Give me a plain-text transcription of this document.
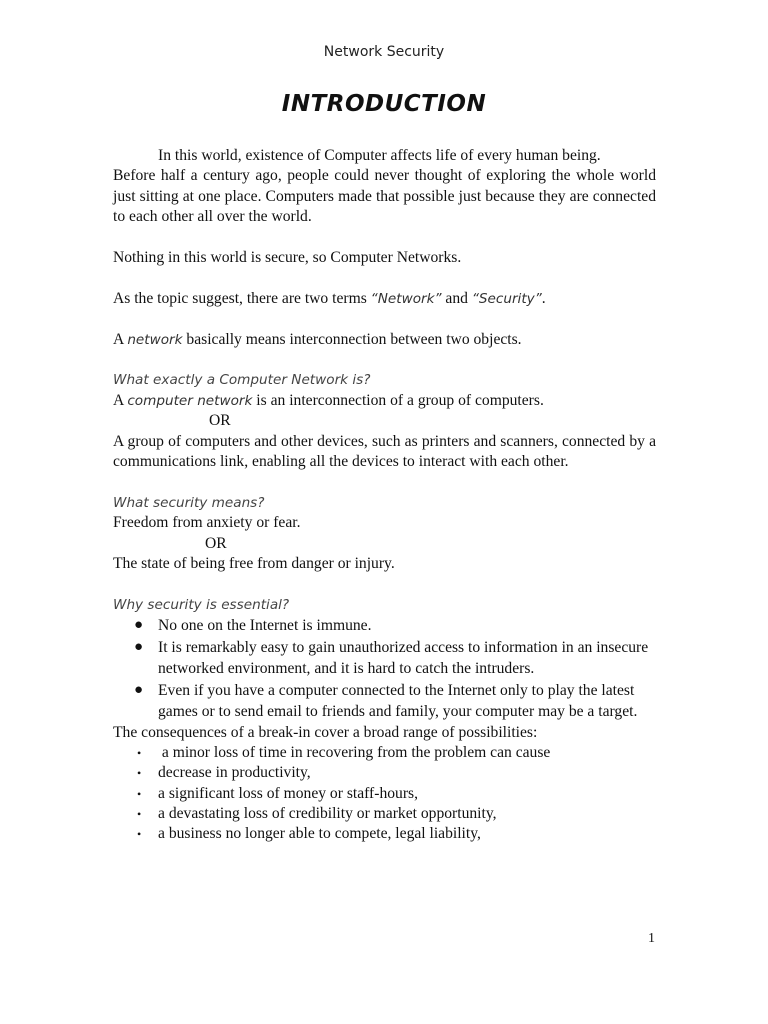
Network Security
INTRODUCTION

In this world, existence of Computer affects life of every human being.

Before half a century ago, people could never thought of exploring the whole world just sitting at one place. Computers made that possible just because they are connected to each other all over the world.

Nothing in this world is secure, so Computer Networks.

As the topic suggest, there are two terms “Network” and “Security”.

A network basically means interconnection between two objects.

What exactly a Computer Network is?

A computer network is an interconnection of a group of computers.

OR

A group of computers and other devices, such as printers and scanners, connected by a communications link, enabling all the devices to interact with each other.

What security means?

Freedom from anxiety or fear.

OR

The state of being free from danger or injury.

Why security is essential?

● No one on the Internet is immune.
● It is remarkably easy to gain unauthorized access to information in an insecure networked environment, and it is hard to catch the intruders.
● Even if you have a computer connected to the Internet only to play the latest games or to send email to friends and family, your computer may be a target.

The consequences of a break-in cover a broad range of possibilities:

• a minor loss of time in recovering from the problem can cause
• decrease in productivity,
• a significant loss of money or staff-hours,
• a devastating loss of credibility or market opportunity,
• a business no longer able to compete, legal liability,
1
